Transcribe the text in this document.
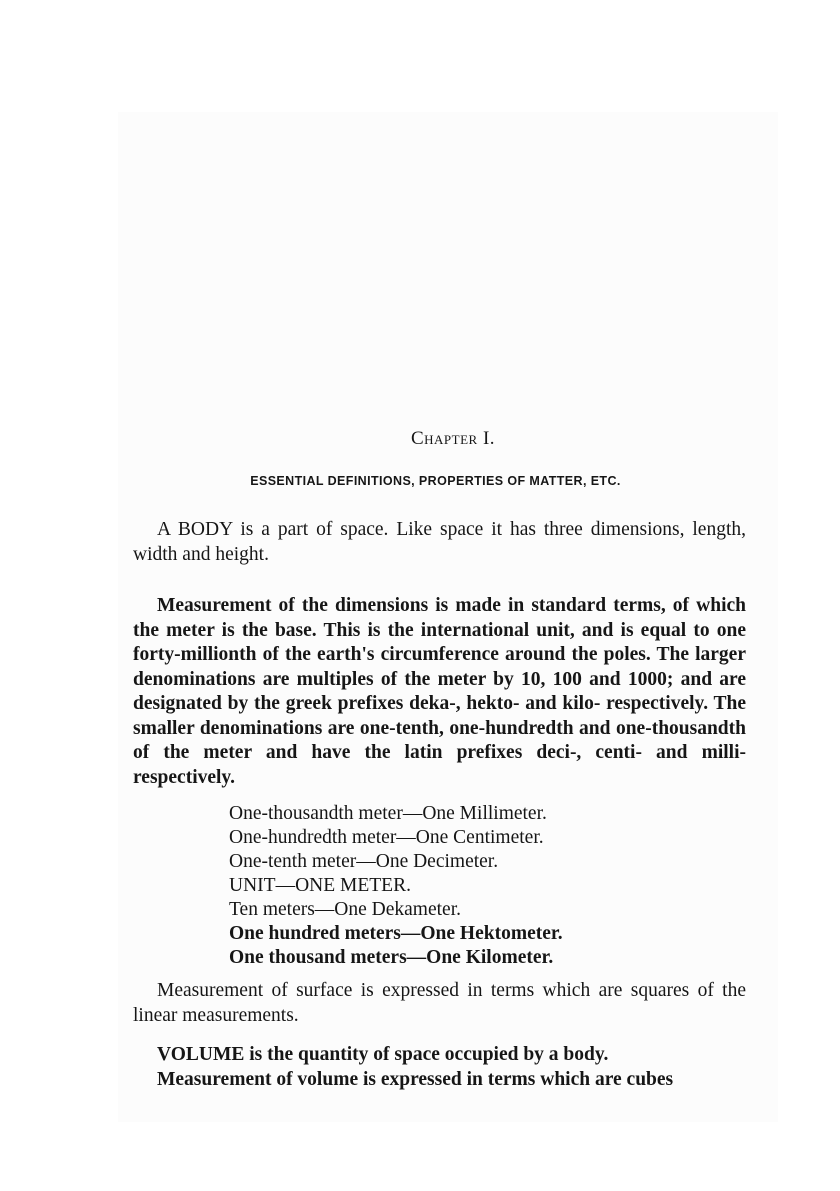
Chapter I.
ESSENTIAL DEFINITIONS, PROPERTIES OF MATTER, ETC.

A BODY is a part of space. Like space it has three dimensions, length, width and height.

Measurement of the dimensions is made in standard terms, of which the meter is the base. This is the international unit, and is equal to one forty-millionth of the earth's circumference around the poles. The larger denominations are multiples of the meter by 10, 100 and 1000; and are designated by the greek prefixes deka-, hekto- and kilo- respectively. The smaller denominations are one-tenth, one-hundredth and one-thousandth of the meter and have the latin prefixes deci-, centi- and milli- respectively.

One-thousandth meter—One Millimeter.
One-hundredth meter—One Centimeter.
One-tenth meter—One Decimeter.
UNIT—ONE METER.
Ten meters—One Dekameter.
One hundred meters—One Hektometer.
One thousand meters—One Kilometer.

Measurement of surface is expressed in terms which are squares of the linear measurements.

VOLUME is the quantity of space occupied by a body.

Measurement of volume is expressed in terms which are cubes
